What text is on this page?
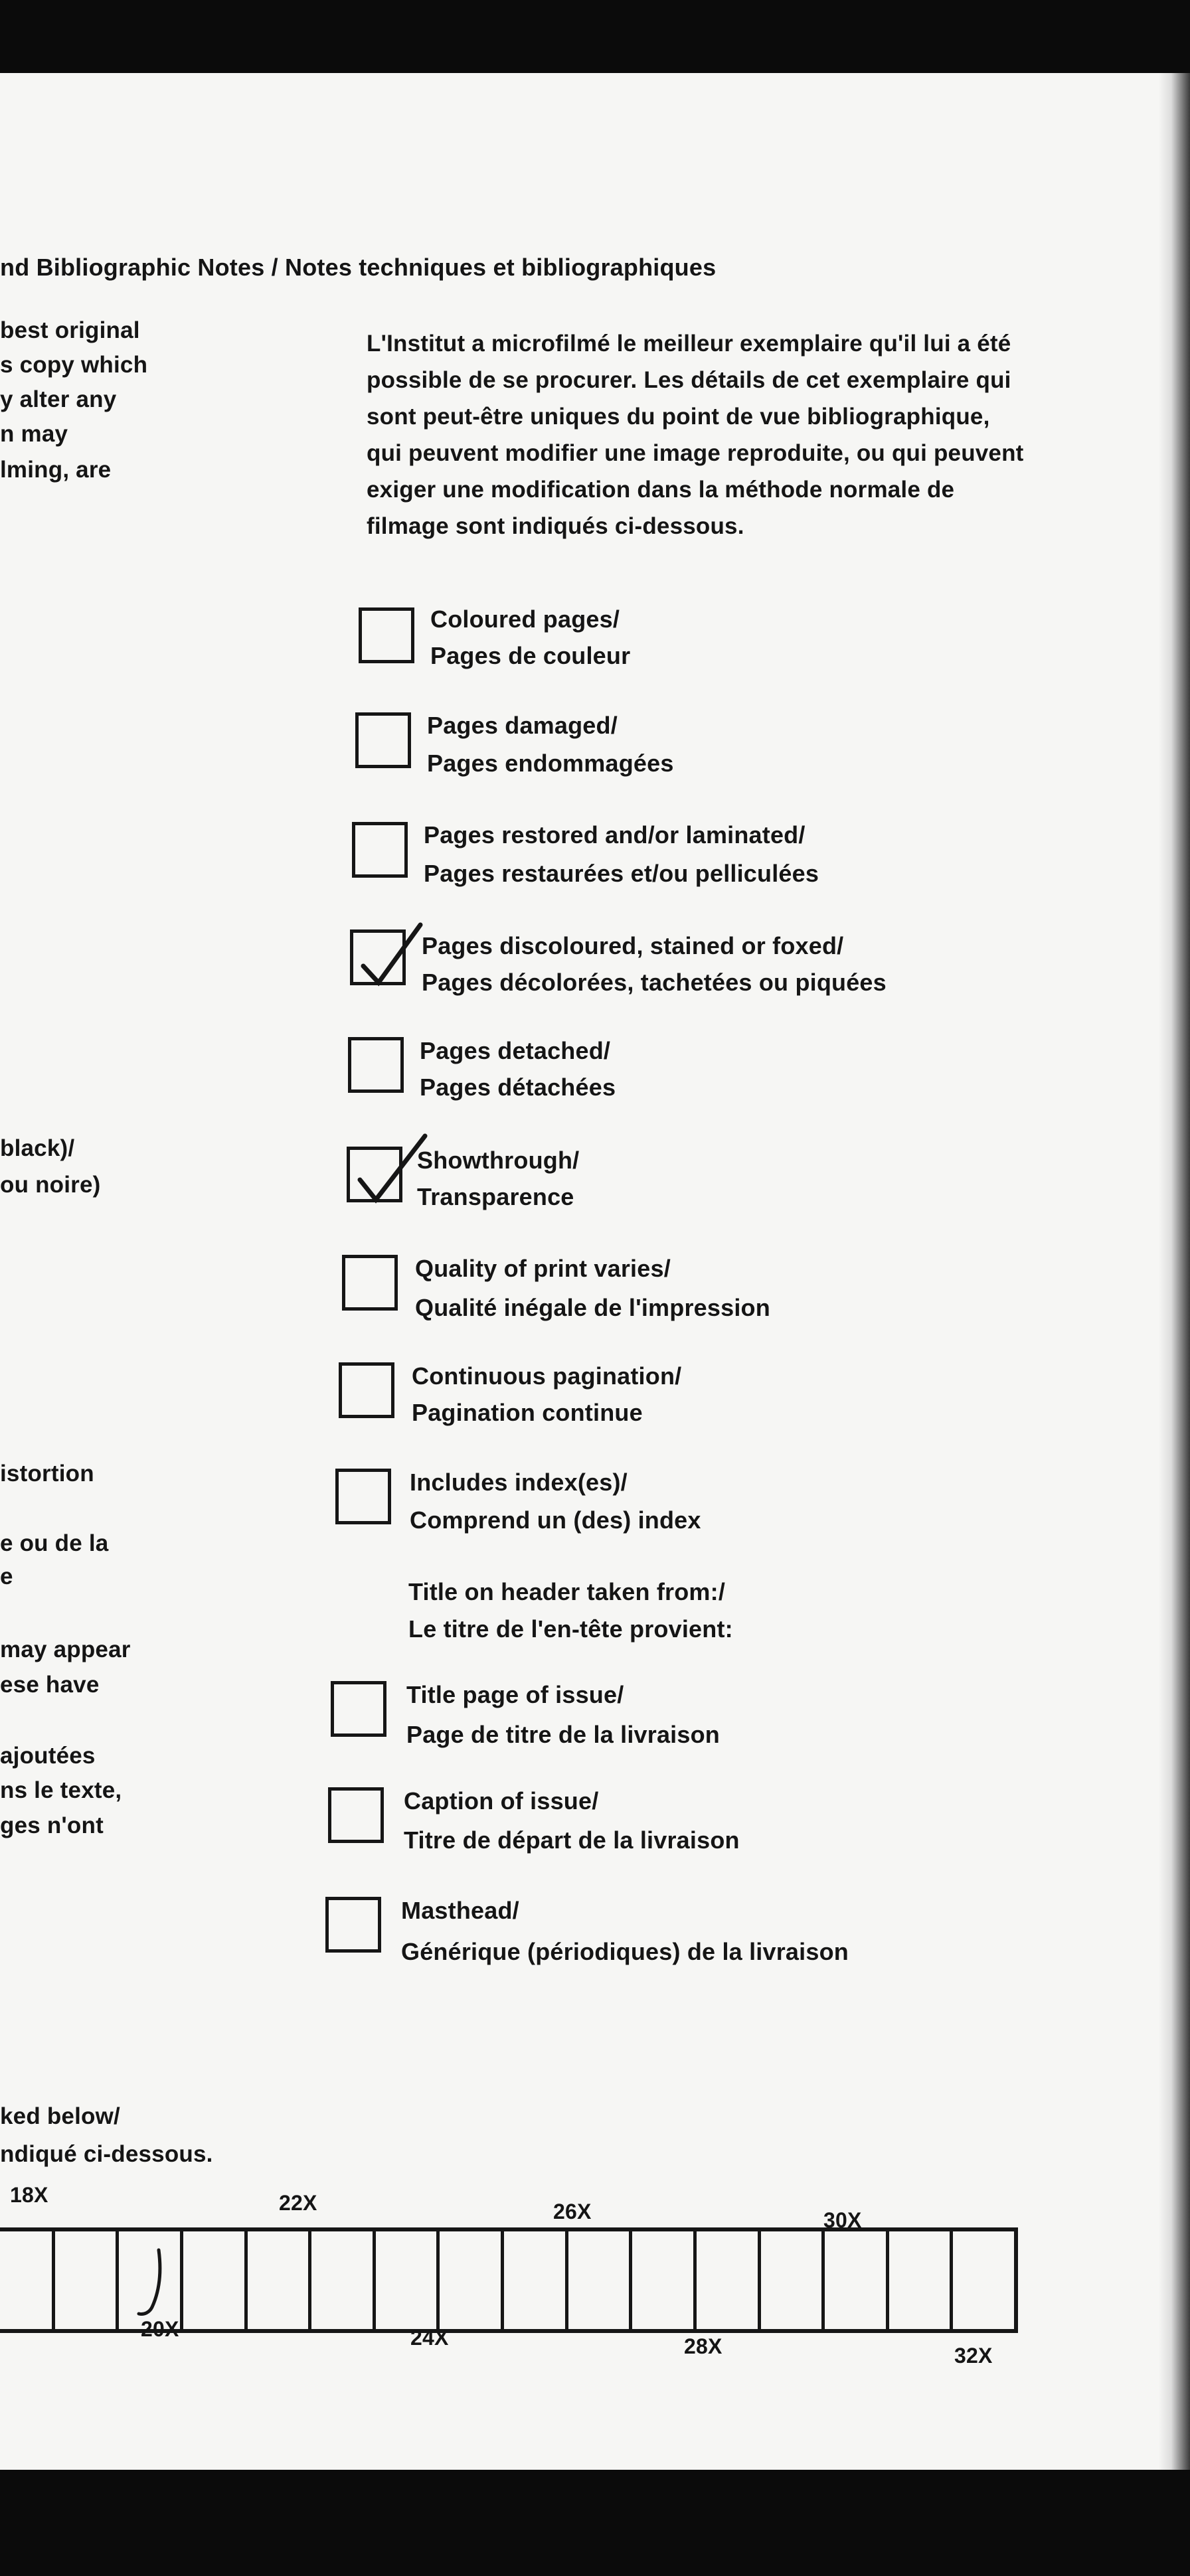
nd Bibliographic Notes / Notes techniques et bibliographiques
best original
s copy which
y alter any
n may
lming, are
black)/
ou noire)
istortion
e ou de la
e
may appear
ese have
ajoutées
ns le texte,
ges n'ont
L'Institut a microfilmé le meilleur exemplaire qu'il lui a été possible de se procurer. Les détails de cet exemplaire qui sont peut-être uniques du point de vue bibliographique, qui peuvent modifier une image reproduite, ou qui peuvent exiger une modification dans la méthode normale de filmage sont indiqués ci-dessous.
Coloured pages/
Pages de couleur
Pages damaged/
Pages endommagées
Pages restored and/or laminated/
Pages restaurées et/ou pelliculées
Pages discoloured, stained or foxed/
Pages décolorées, tachetées ou piquées
Pages detached/
Pages détachées
Showthrough/
Transparence
Quality of print varies/
Qualité inégale de l'impression
Continuous pagination/
Pagination continue
Includes index(es)/
Comprend un (des) index
Title on header taken from:/
Le titre de l'en-tête provient:
Title page of issue/
Page de titre de la livraison
Caption of issue/
Titre de départ de la livraison
Masthead/
Générique (périodiques) de la livraison
ked below/
ndiqué ci-dessous.
18X	22X	26X	30X
20X	24X	28X	32X
